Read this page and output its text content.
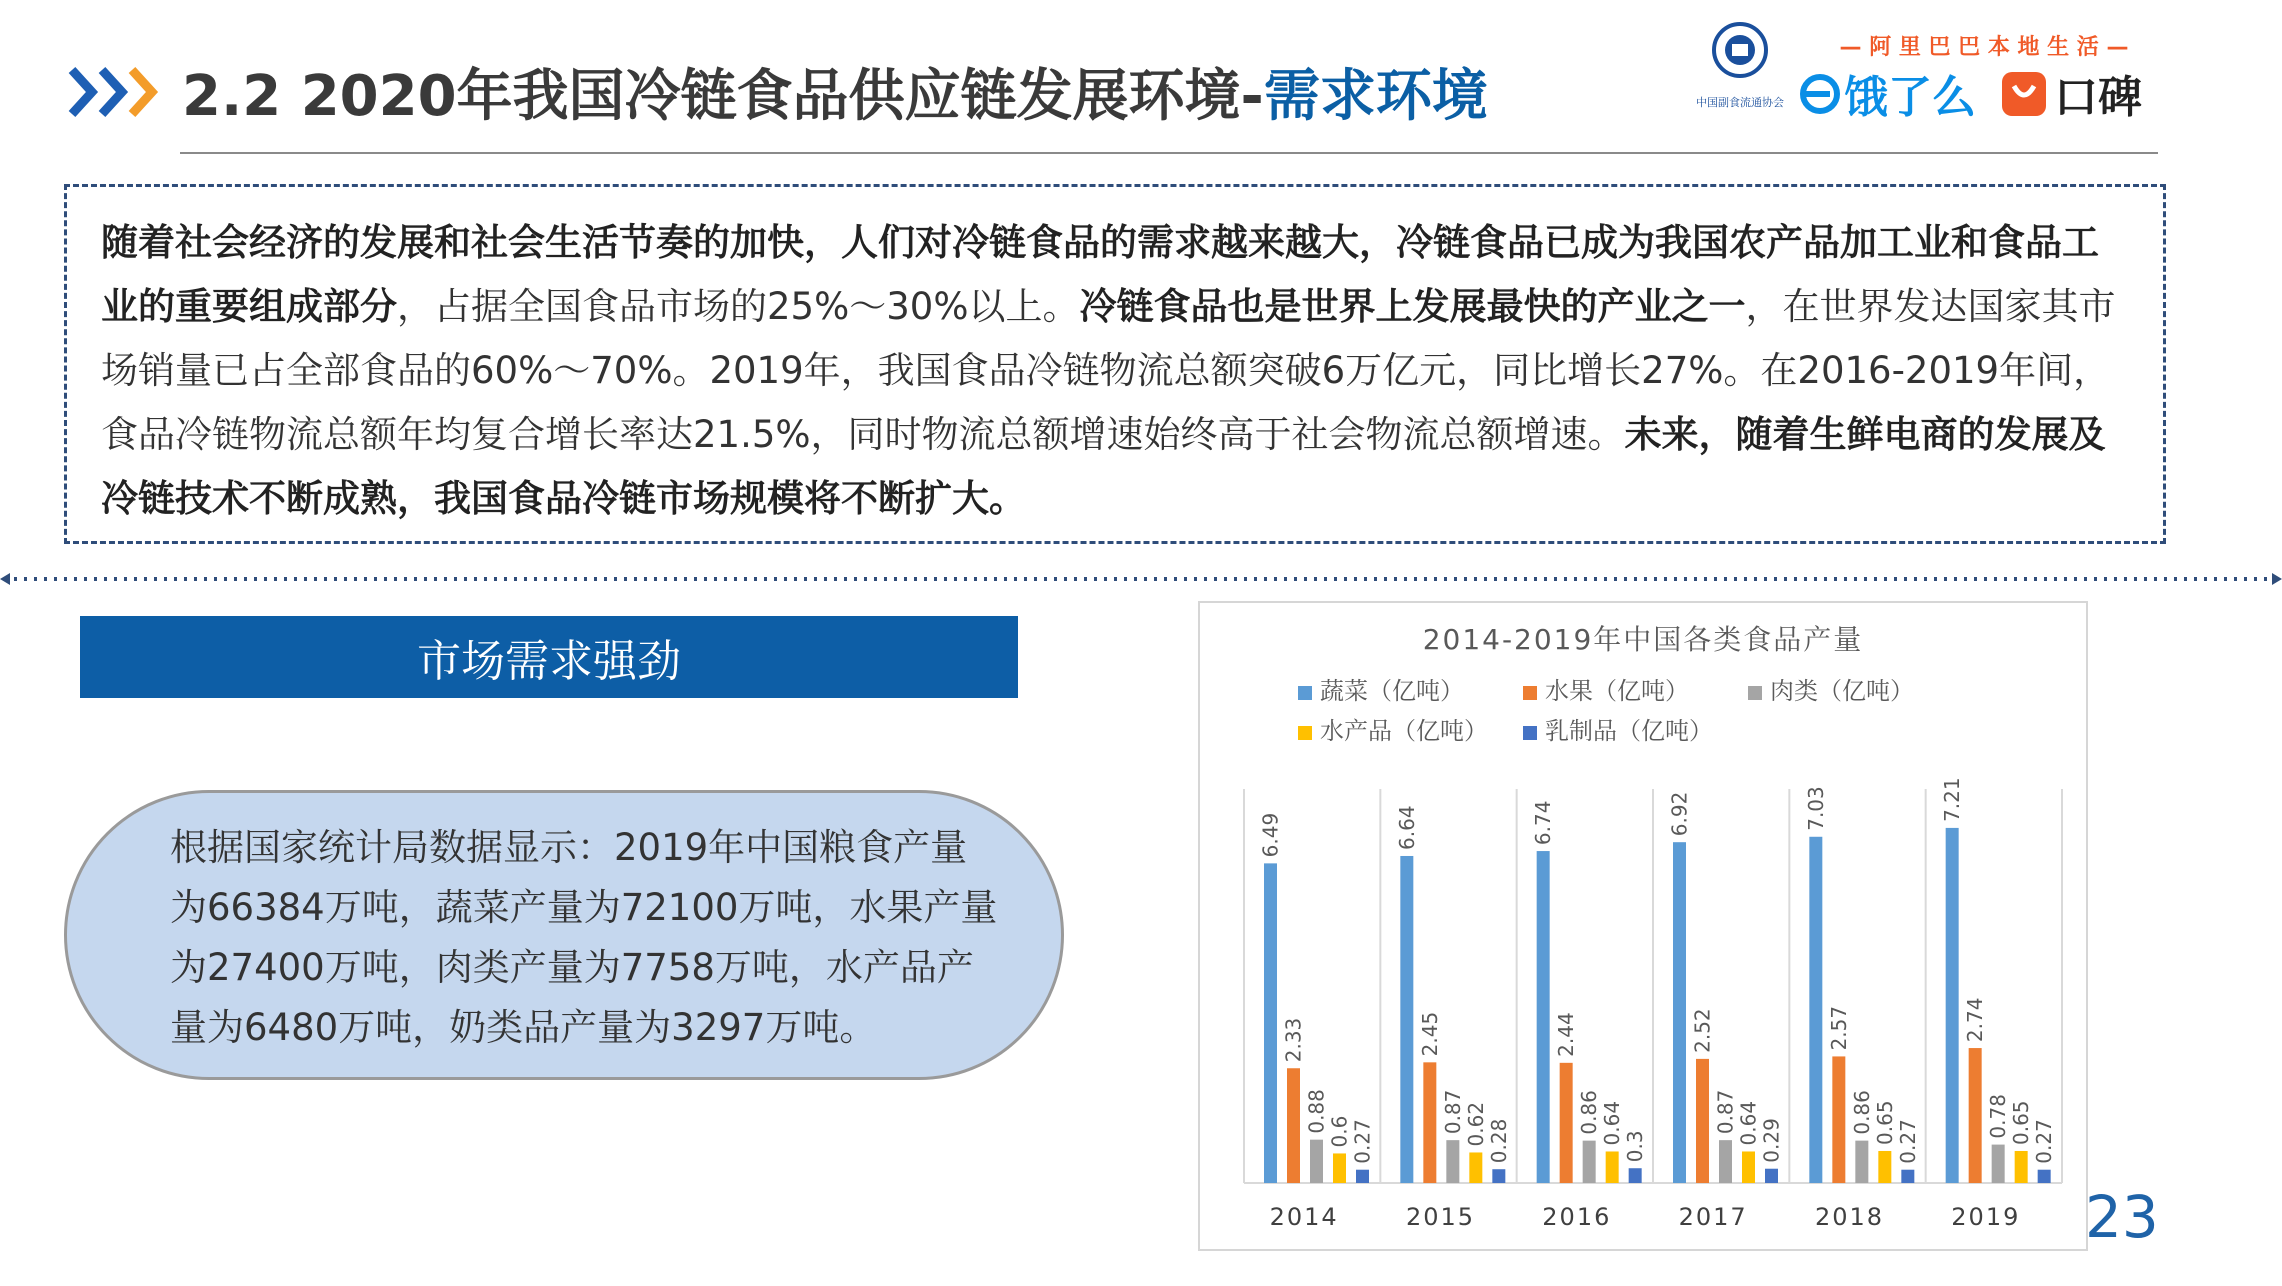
2.2 2020年我国冷链食品供应链发展环境-需求环境	中国副食流通协会
— 阿 里 巴 巴 本 地 生 活 —
饿了么 口碑
随着社会经济的发展和社会生活节奏的加快，人们对冷链食品的需求越来越大，冷链食品已成为我国农产品加工业和食品工业的重要组成部分，占据全国食品市场的25%～30%以上。冷链食品也是世界上发展最快的产业之一，在世界发达国家其市场销量已占全部食品的60%～70%。2019年，我国食品冷链物流总额突破6万亿元，同比增长27%。在2016-2019年间，食品冷链物流总额年均复合增长率达21.5%，同时物流总额增速始终高于社会物流总额增速。未来，随着生鲜电商的发展及冷链技术不断成熟，我国食品冷链市场规模将不断扩大。
市场需求强劲
根据国家统计局数据显示：2019年中国粮食产量为66384万吨，蔬菜产量为72100万吨，水果产量为27400万吨，肉类产量为7758万吨，水产品产量为6480万吨，奶类品产量为3297万吨。
2014-2019年中国各类食品产量
蔬菜（亿吨）	水果（亿吨）	肉类（亿吨）
水产品（亿吨） 乳制品（亿吨）
6.49
2.33
0.88 0.6 0.27
6.64
2.45
0.87 0.62 0.28
6.74
2.44
0.86 0.64
0.3
6.92
2.52
0.87 0.64 0.29
7.03
2.57
0.86 0.65 0.27
7.21
2.74
0.78 0.65 0.27
2014	2015	2016	2017	2018	2019 23
